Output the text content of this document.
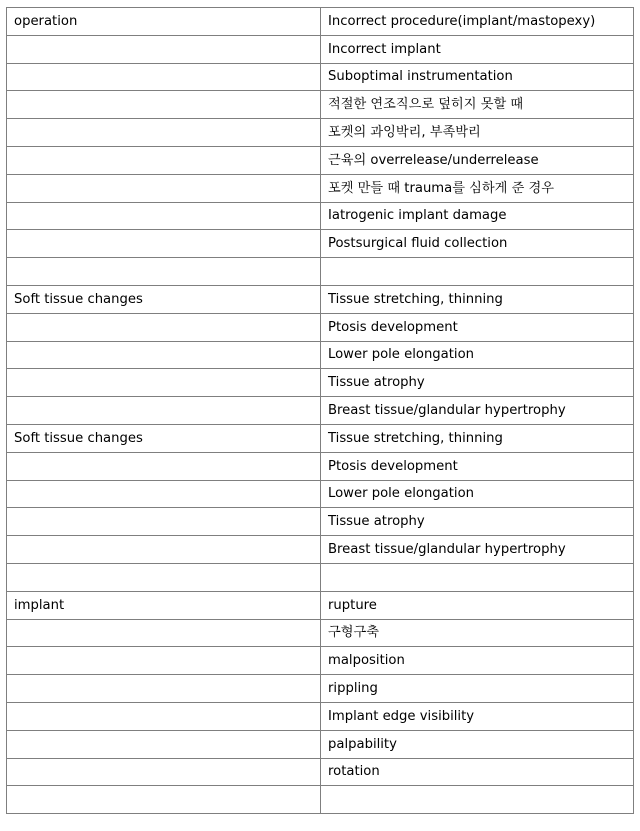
operation	Incorrect procedure(implant/mastopexy)
	Incorrect implant
	Suboptimal instrumentation
	적절한 연조직으로 덮히지 못할 때
	포켓의 과잉박리, 부족박리
	근육의 overrelease/underrelease
	포켓 만들 때 trauma를 심하게 준 경우
	Iatrogenic implant damage
	Postsurgical fluid collection

Soft tissue changes	Tissue stretching, thinning
	Ptosis development
	Lower pole elongation
	Tissue atrophy
	Breast tissue/glandular hypertrophy
Soft tissue changes	Tissue stretching, thinning
	Ptosis development
	Lower pole elongation
	Tissue atrophy
	Breast tissue/glandular hypertrophy

implant	rupture
	구형구축
	malposition
	rippling
	Implant edge visibility
	palpability
	rotation
